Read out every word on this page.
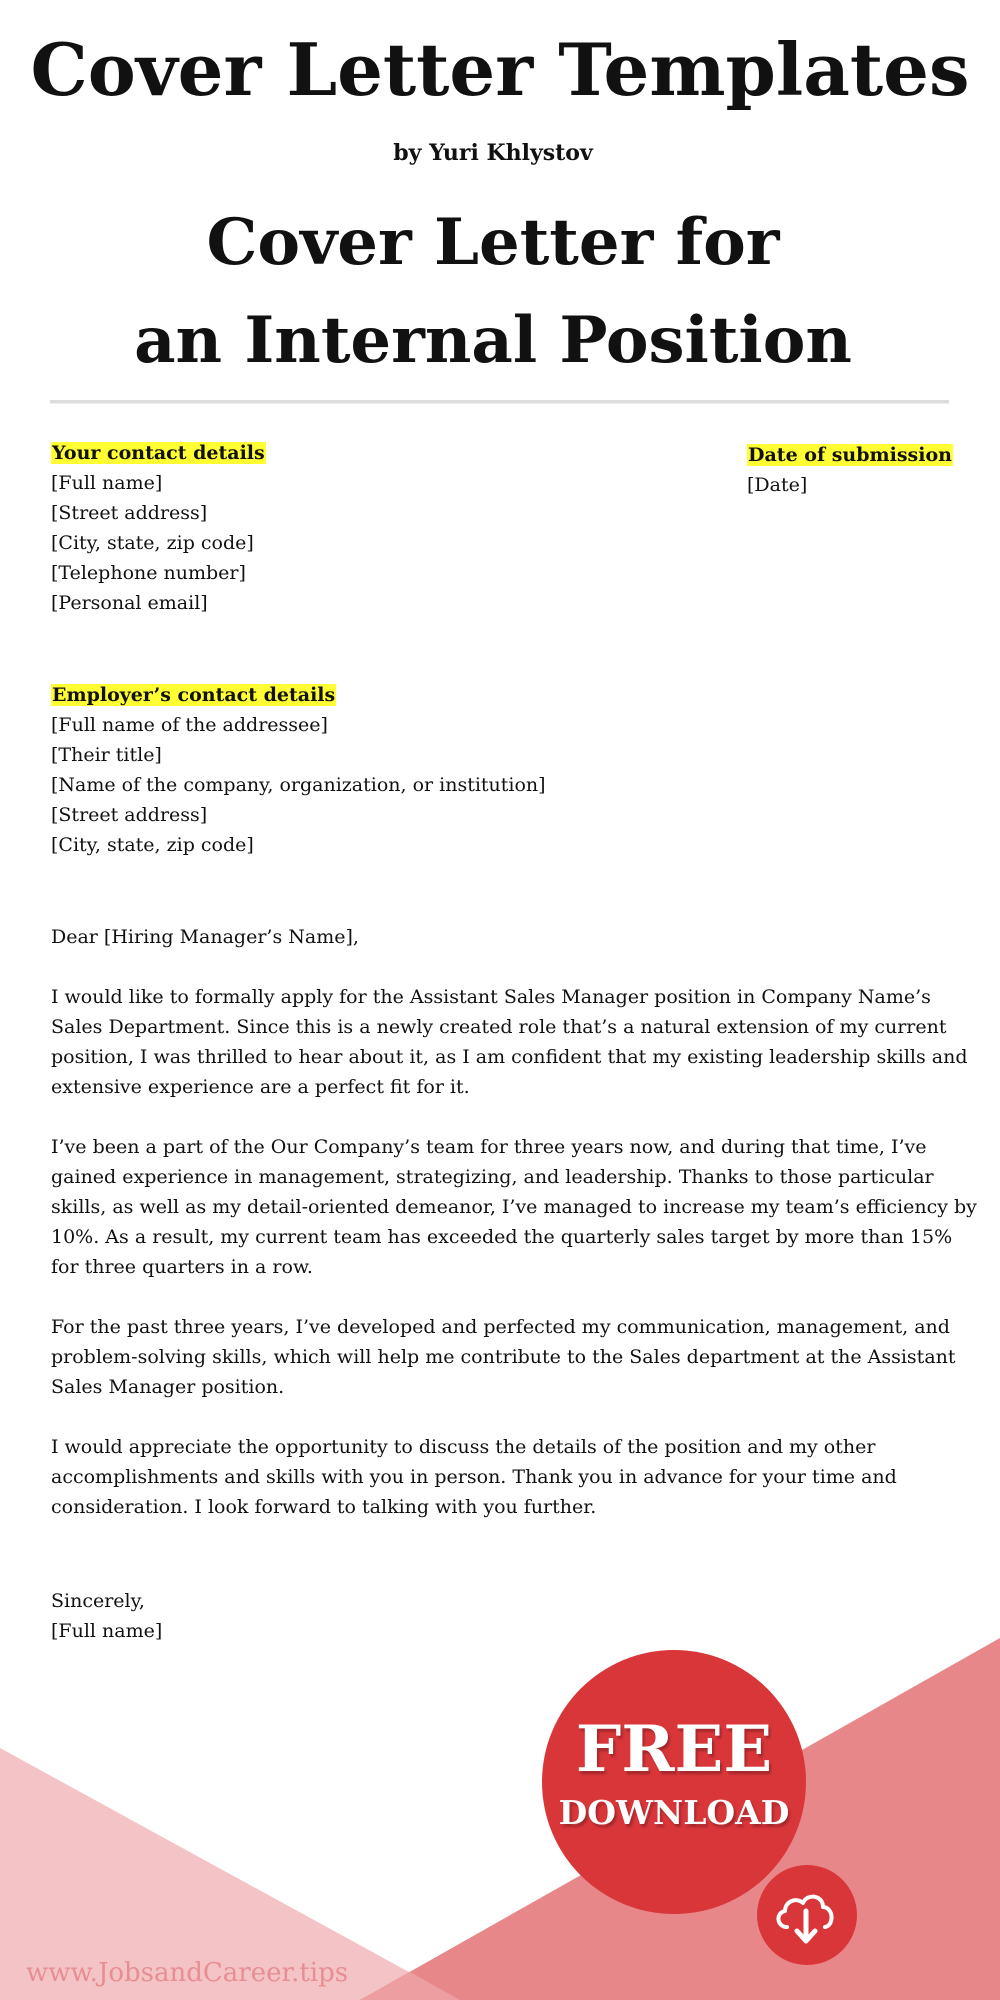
Cover Letter Templates
by Yuri Khlystov
Cover Letter for
an Internal Position
Your contact details
[Full name]
[Street address]
[City, state, zip code]
[Telephone number]
[Personal email]
Date of submission
[Date]
Employer’s contact details
[Full name of the addressee]
[Their title]
[Name of the company, organization, or institution]
[Street address]
[City, state, zip code]

Dear [Hiring Manager’s Name],

I would like to formally apply for the Assistant Sales Manager position in Company Name’s Sales Department. Since this is a newly created role that’s a natural extension of my current position, I was thrilled to hear about it, as I am confident that my existing leadership skills and extensive experience are a perfect fit for it.

I’ve been a part of the Our Company’s team for three years now, and during that time, I’ve gained experience in management, strategizing, and leadership. Thanks to those particular skills, as well as my detail-oriented demeanor, I’ve managed to increase my team’s efficiency by 10%. As a result, my current team has exceeded the quarterly sales target by more than 15% for three quarters in a row.

For the past three years, I’ve developed and perfected my communication, management, and problem-solving skills, which will help me contribute to the Sales department at the Assistant Sales Manager position.

I would appreciate the opportunity to discuss the details of the position and my other accomplishments and skills with you in person. Thank you in advance for your time and consideration. I look forward to talking with you further.

Sincerely,
[Full name]
FREE
DOWNLOAD
www.JobsandCareer.tips
